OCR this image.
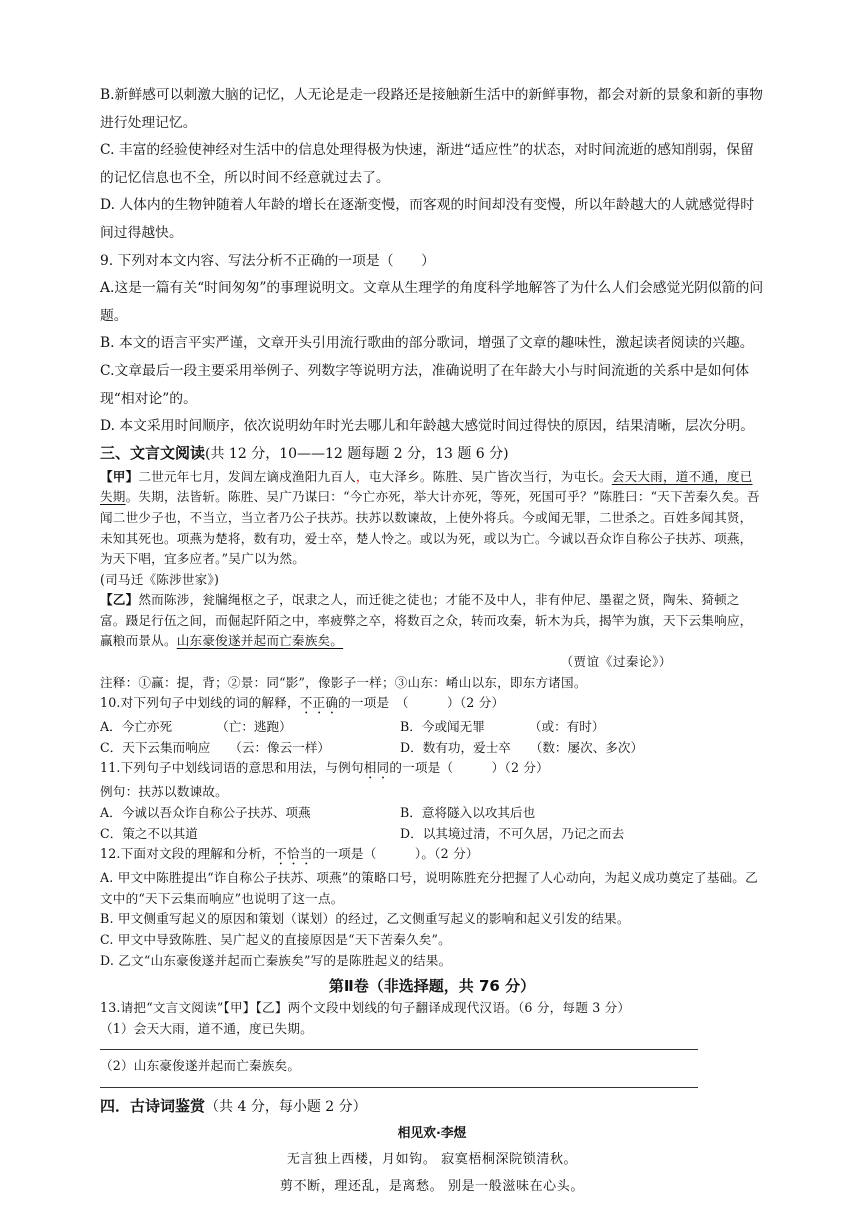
B.新鲜感可以刺激大脑的记忆，人无论是走一段路还是接触新生活中的新鲜事物，都会对新的景象和新的事物进行处理记忆。

C. 丰富的经验使神经对生活中的信息处理得极为快速，渐进“适应性”的状态，对时间流逝的感知削弱，保留的记忆信息也不全，所以时间不经意就过去了。

D. 人体内的生物钟随着人年龄的增长在逐渐变慢，而客观的时间却没有变慢，所以年龄越大的人就感觉得时间过得越快。

9. 下列对本文内容、写法分析不正确的一项是（　　）

A.这是一篇有关“时间匆匆”的事理说明文。文章从生理学的角度科学地解答了为什么人们会感觉光阴似箭的问题。

B. 本文的语言平实严谨，文章开头引用流行歌曲的部分歌词，增强了文章的趣味性，激起读者阅读的兴趣。

C.文章最后一段主要采用举例子、列数字等说明方法，准确说明了在年龄大小与时间流逝的关系中是如何体现“相对论”的。

D. 本文采用时间顺序，依次说明幼年时光去哪儿和年龄越大感觉时间过得快的原因，结果清晰，层次分明。

三、文言文阅读(共 12 分，10——12 题每题 2 分，13 题 6 分)

【甲】二世元年七月，发闾左谪戍渔阳九百人，屯大泽乡。陈胜、吴广皆次当行，为屯长。会天大雨，道不通，度已失期。失期，法皆斩。陈胜、吴广乃谋曰：“今亡亦死，举大计亦死，等死，死国可乎？”陈胜曰：“天下苦秦久矣。吾闻二世少子也，不当立，当立者乃公子扶苏。扶苏以数谏故，上使外将兵。今或闻无罪，二世杀之。百姓多闻其贤，未知其死也。项燕为楚将，数有功，爱士卒，楚人怜之。或以为死，或以为亡。今诚以吾众诈自称公子扶苏、项燕，为天下唱，宜多应者。”吴广以为然。

(司马迁《陈涉世家》)

【乙】然而陈涉，瓮牖绳枢之子，氓隶之人，而迁徙之徒也；才能不及中人，非有仲尼、墨翟之贤，陶朱、猗顿之富。蹑足行伍之间，而倔起阡陌之中，率疲弊之卒，将数百之众，转而攻秦，斩木为兵，揭竿为旗，天下云集响应，赢粮而景从。山东豪俊遂并起而亡秦族矣。

（贾谊《过秦论》）

注释：①赢：提，背；②景：同“影”，像影子一样；③山东：崤山以东，即东方诸国。

10.对下列句子中划线的词的解释，不正确的一项是　（　　　）（2 分）

A．今亡亦死　　　　（亡：逃跑）	B．今或闻无罪　　　　（或：有时）
C．天下云集而响应　　（云：像云一样）	D．数有功，爱士卒　　（数：屡次、多次）

11.下列句子中划线词语的意思和用法，与例句相同的一项是（　　　）（2 分）

例句：扶苏以数谏故。

A．今诚以吾众诈自称公子扶苏、项燕	B．意将隧入以攻其后也
C．策之不以其道	D．以其境过清，不可久居，乃记之而去

12.下面对文段的理解和分析，不恰当的一项是（　　　）。（2 分）

A. 甲文中陈胜提出“诈自称公子扶苏、项燕”的策略口号，说明陈胜充分把握了人心动向，为起义成功奠定了基础。乙文中的“天下云集而响应”也说明了这一点。

B. 甲文侧重写起义的原因和策划（谋划）的经过，乙文侧重写起义的影响和起义引发的结果。

C. 甲文中导致陈胜、吴广起义的直接原因是“天下苦秦久矣”。

D. 乙文“山东豪俊遂并起而亡秦族矣”写的是陈胜起义的结果。

第Ⅱ卷（非选择题，共 76 分）

13.请把“文言文阅读”【甲】【乙】两个文段中划线的句子翻译成现代汉语。（6 分，每题 3 分）

（1）会天大雨，道不通，度已失期。

（2）山东豪俊遂并起而亡秦族矣。

四．古诗词鉴赏（共 4 分，每小题 2 分）

相见欢·李煜

无言独上西楼，月如钩。 寂寞梧桐深院锁清秋。

剪不断，理还乱，是离愁。 别是一般滋味在心头。
